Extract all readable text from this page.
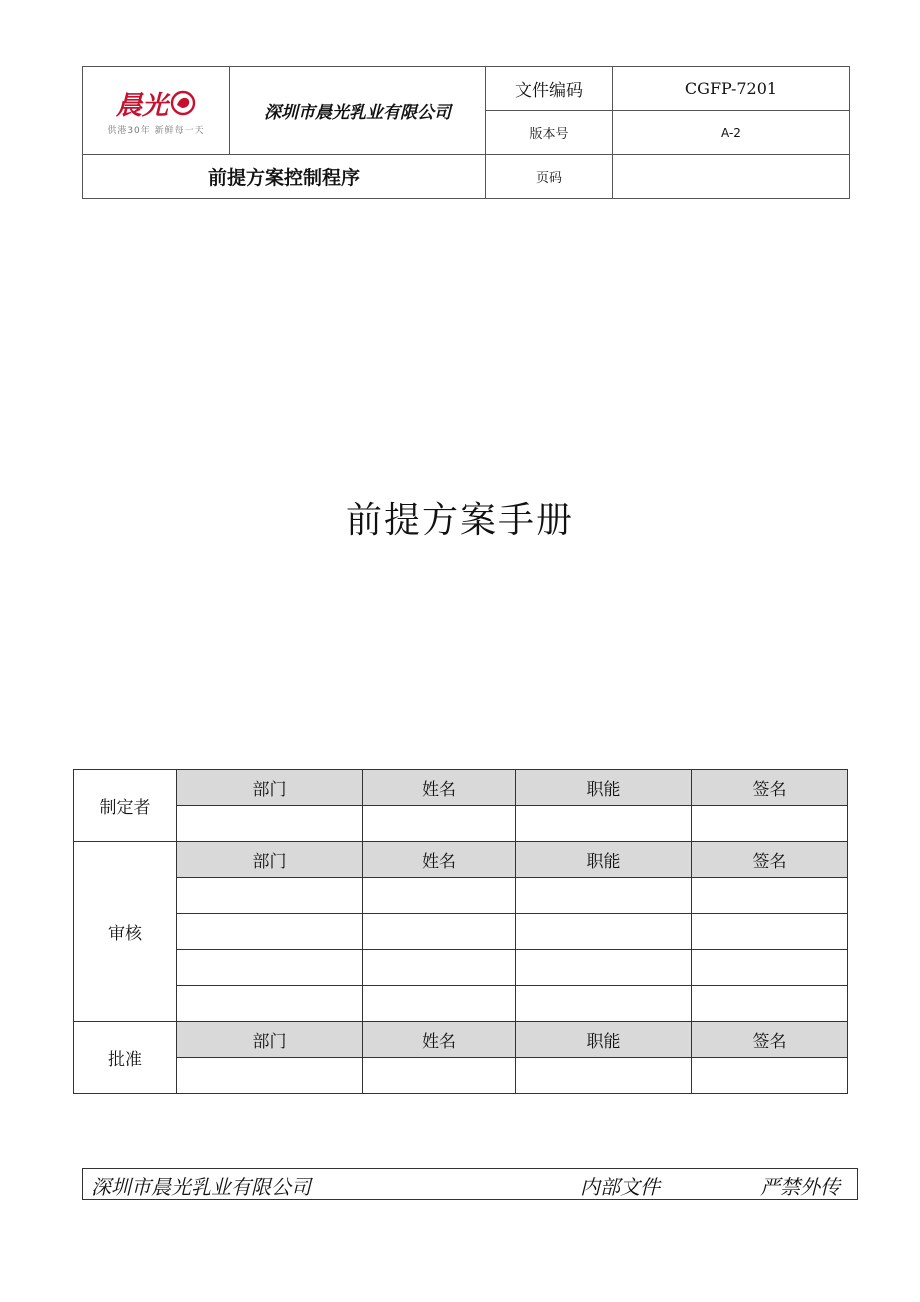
晨光
供港30年 新鲜每一天	深圳市晨光乳业有限公司	文件编码	CGFP-7201
		版本号	A-2
前提方案控制程序		页码	
前提方案手册
制定者	部门	姓名	职能	签名

审核	部门	姓名	职能	签名

批准	部门	姓名	职能	签名

深圳市晨光乳业有限公司	内部文件	严禁外传
